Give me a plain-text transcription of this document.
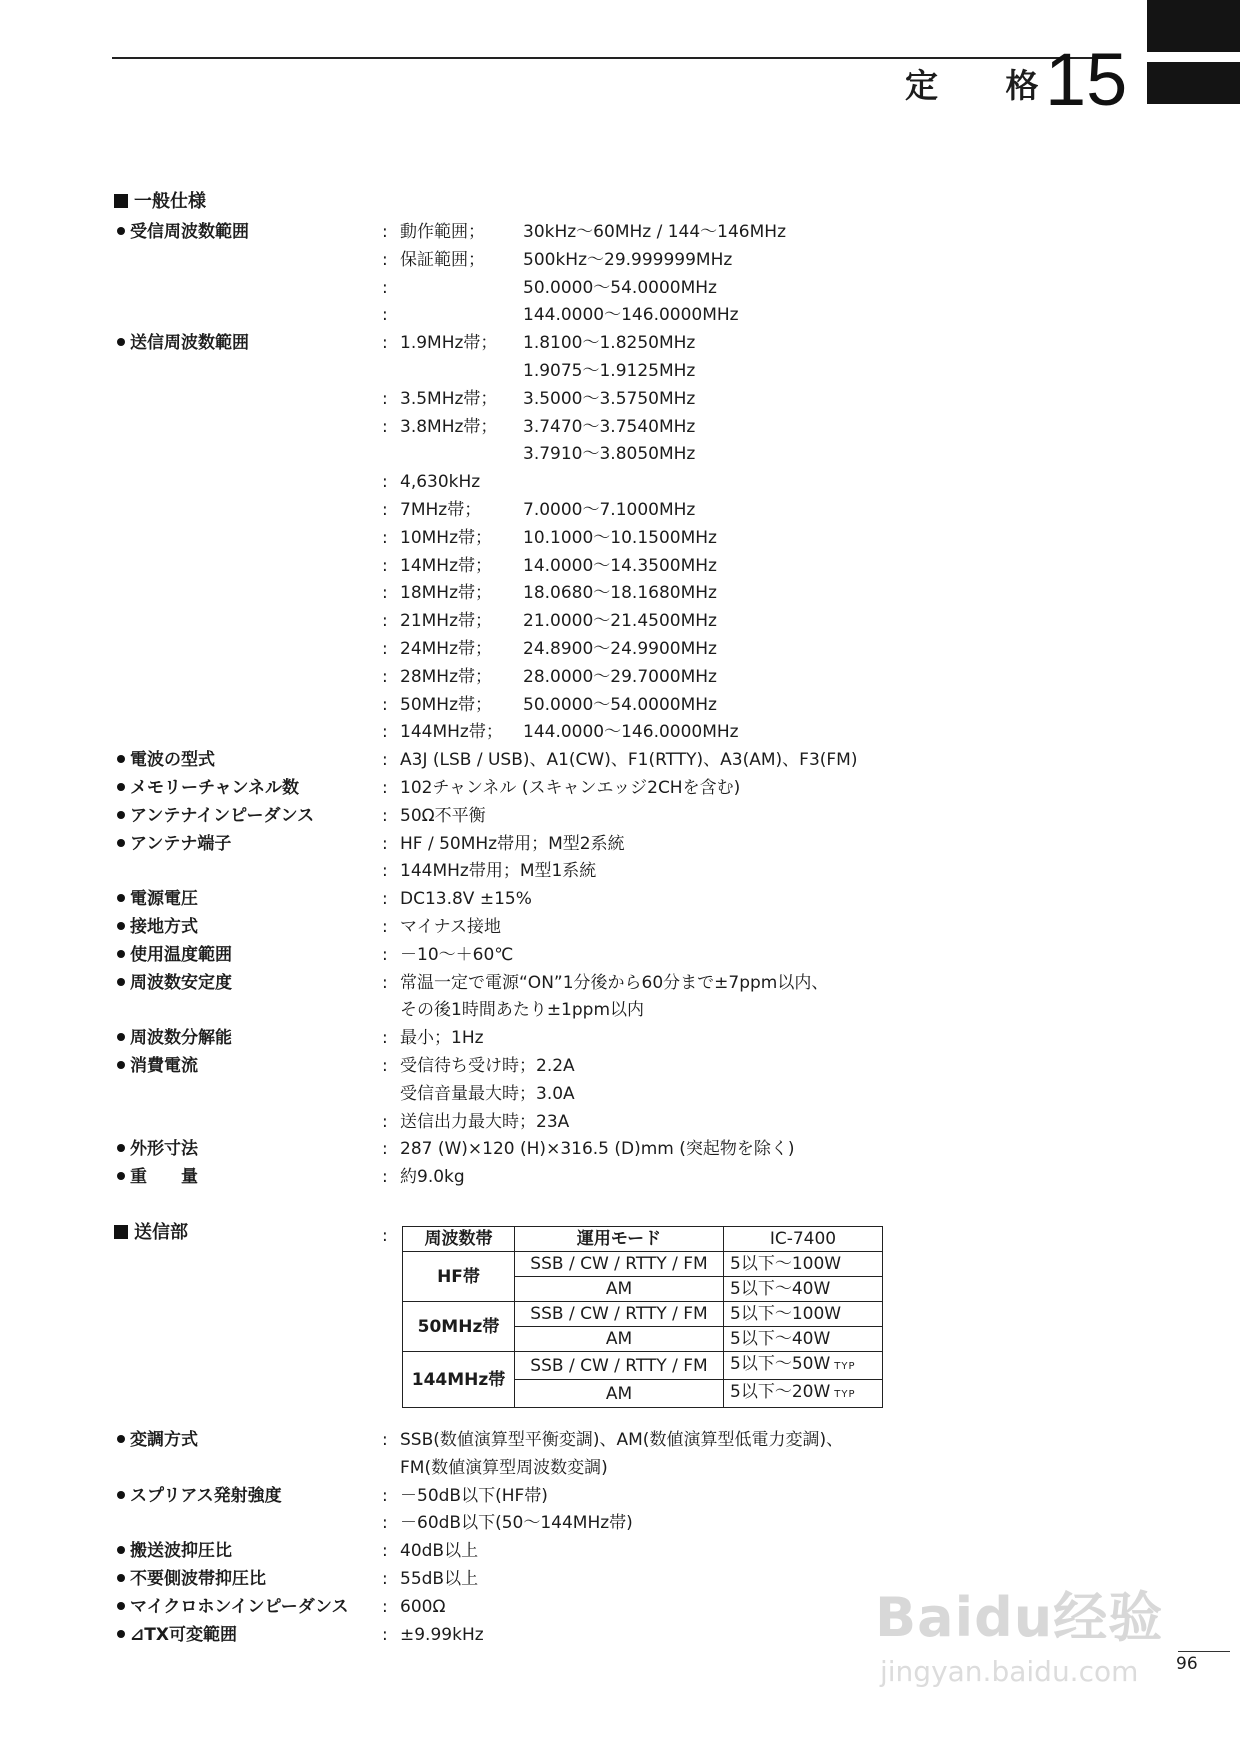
定 格
15
一般仕様
受信周波数範囲	: 動作範囲； 30kHz～60MHz / 144～146MHz
: 保証範囲； 500kHz～29.999999MHz
:	50.0000～54.0000MHz
:	144.0000～146.0000MHz
送信周波数範囲	: 1.9MHz帯； 1.8100～1.8250MHz
1.9075～1.9125MHz
: 3.5MHz帯； 3.5000～3.5750MHz
: 3.8MHz帯； 3.7470～3.7540MHz
3.7910～3.8050MHz
: 4,630kHz
: 7MHz帯； 7.0000～7.1000MHz
: 10MHz帯； 10.1000～10.1500MHz
: 14MHz帯； 14.0000～14.3500MHz
: 18MHz帯； 18.0680～18.1680MHz
: 21MHz帯； 21.0000～21.4500MHz
: 24MHz帯； 24.8900～24.9900MHz
: 28MHz帯； 28.0000～29.7000MHz
: 50MHz帯； 50.0000～54.0000MHz
: 144MHz帯； 144.0000～146.0000MHz
電波の型式	: A3J (LSB / USB)、A1(CW)、F1(RTTY)、A3(AM)、F3(FM)
メモリーチャンネル数	: 102チャンネル (スキャンエッジ2CHを含む)
アンテナインピーダンス	: 50Ω不平衡
アンテナ端子	: HF / 50MHz帯用；M型2系統
: 144MHz帯用；M型1系統
電源電圧	: DC13.8V ±15%
接地方式	: マイナス接地
使用温度範囲	: －10～＋60℃
周波数安定度	: 常温一定で電源“ON”1分後から60分まで±7ppm以内、
その後1時間あたり±1ppm以内
周波数分解能	: 最小；1Hz
消費電流	: 受信待ち受け時；2.2A
受信音量最大時；3.0A
: 送信出力最大時；23A
外形寸法	: 287 (W)×120 (H)×316.5 (D)mm (突起物を除く)
重　　量	: 約9.0kg
送信部	: 周波数帯	運用モード	IC-7400
HF帯	SSB / CW / RTTY / FM	5以下～100W
	AM	5以下～40W
50MHz帯	SSB / CW / RTTY / FM	5以下～100W
	AM	5以下～40W
144MHz帯	SSB / CW / RTTY / FM	5以下～50W TYP
	AM	5以下～20W TYP
変調方式	: SSB(数値演算型平衡変調)、AM(数値演算型低電力変調)、
FM(数値演算型周波数変調)
スプリアス発射強度	: －50dB以下(HF帯)
: －60dB以下(50～144MHz帯)
搬送波抑圧比	: 40dB以上
不要側波帯抑圧比	: 55dB以上
マイクロホンインピーダンス : 600Ω
⊿TX可変範囲	: ±9.99kHz
96
Baidu经验
jingyan.baidu.com
